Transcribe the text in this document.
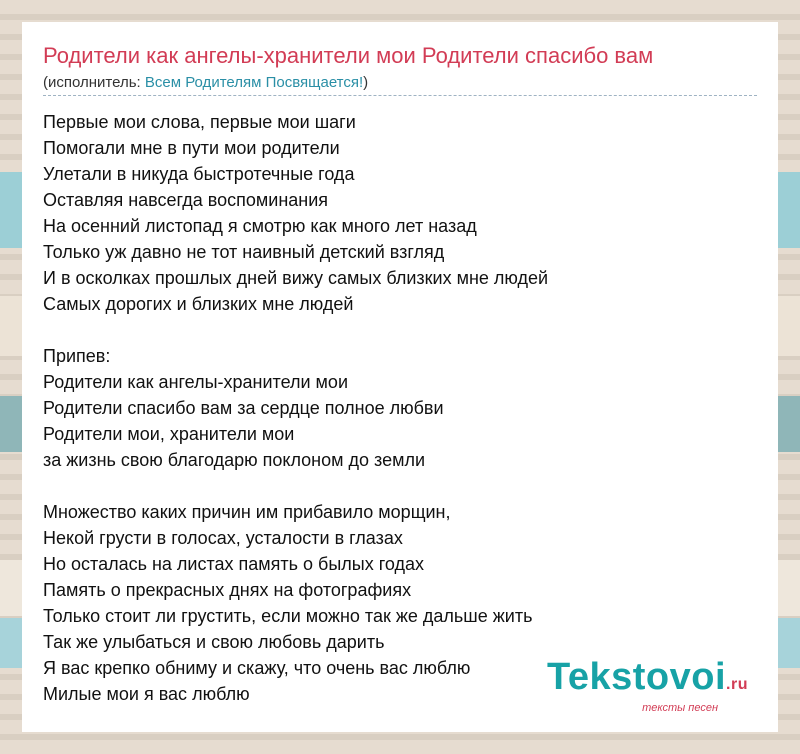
Родители как ангелы-хранители мои Родители спасибо вам
(исполнитель: Всем Родителям Посвящается!)
Первые мои слова, первые мои шаги
Помогали мне в пути мои родители
Улетали в никуда быстротечные года
Оставляя навсегда воспоминания
На осенний листопад я смотрю как много лет назад
Только уж давно не тот наивный детский взгляд
И в осколках прошлых дней вижу самых близких мне людей
Самых дорогих и близких мне людей
Припев:
Родители как ангелы-хранители мои
Родители спасибо вам за сердце полное любви
Родители мои, хранители мои
за жизнь свою благодарю поклоном до земли
Множество каких причин им прибавило морщин,
Некой грусти в голосах, усталости в глазах
Но осталась на листах память о былых годах
Память о прекрасных днях на фотографиях
Только стоит ли грустить, если можно так же дальше жить
Так же улыбаться и свою любовь дарить
Я вас крепко обниму и скажу, что очень вас люблю
Милые мои я вас люблю	Tekstovoi.ru
тексты песен
